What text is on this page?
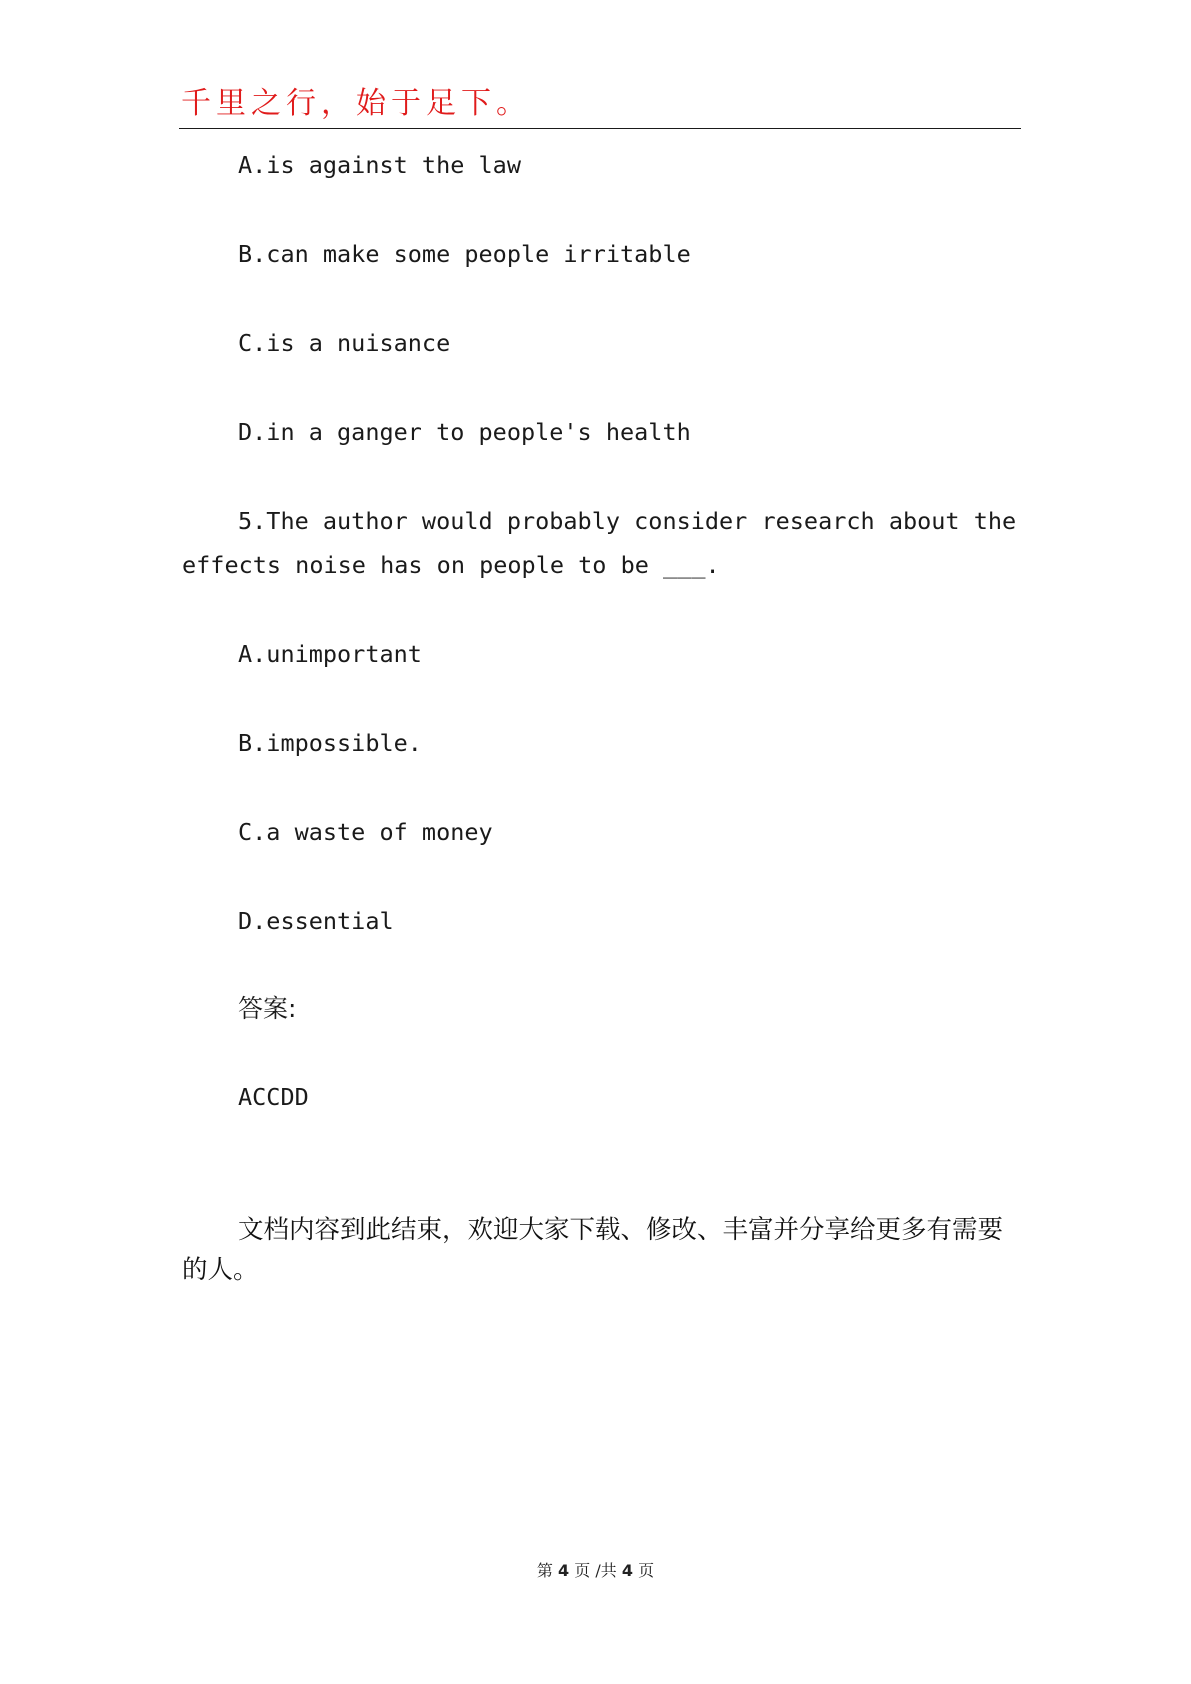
千里之行，始于足下。
A.is against the law
B.can make some people irritable
C.is a nuisance
D.in a ganger to people's health
5.The author would probably consider research about the
effects noise has on people to be ___.
A.unimportant
B.impossible.
C.a waste of money
D.essential
答案:
ACCDD
文档内容到此结束，欢迎大家下载、修改、丰富并分享给更多有需要的人。
第 4 页 /共 4 页
